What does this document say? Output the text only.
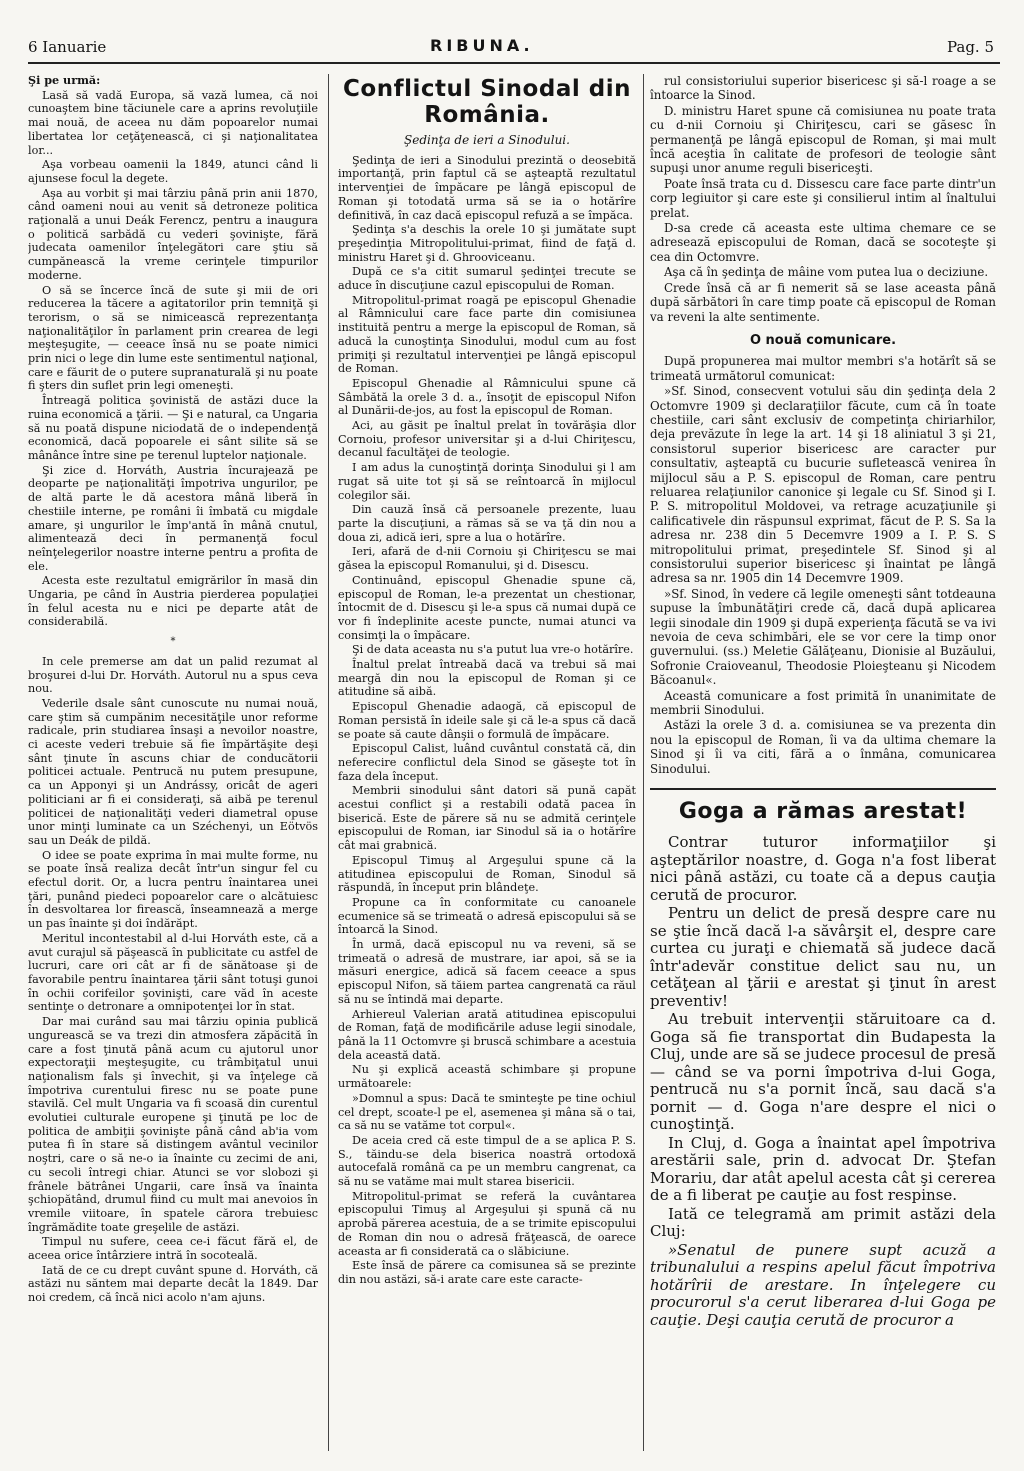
6 Ianuarie	RIBUNA.	Pag. 5

Şi pe urmă:

Lasă să vadă Europa, să vază lumea, că noi cunoaştem bine tăciunele care a aprins revoluţiile mai nouă, de aceea nu dăm popoarelor numai libertatea lor ceţăţenească, ci şi naţionalitatea lor...

Aşa vorbeau oamenii la 1849, atunci când li ajunsese focul la degete.

Aşa au vorbit şi mai târziu până prin anii 1870, când oameni noui au venit să detroneze politica raţională a unui Deák Ferencz, pentru a inaugura o politică sarbădă cu vederi şovinişte, fără judecata oamenilor înţelegători care ştiu să cumpănească la vreme cerinţele timpurilor moderne.

O să se încerce încă de sute şi mii de ori reducerea la tăcere a agitatorilor prin temniţă şi terorism, o să se nimicească reprezentanţa naţionalităţilor în parlament prin crearea de legi meşteşugite, — ceeace însă nu se poate nimici prin nici o lege din lume este sentimentul naţional, care e făurit de o putere supranaturală şi nu poate fi şters din suflet prin legi omeneşti.

Întreagă politica şovinistă de astăzi duce la ruina economică a ţării. — Şi e natural, ca Ungaria să nu poată dispune niciodată de o independenţă economică, dacă popoarele ei sânt silite să se mânânce între sine pe terenul luptelor naţionale.

Şi zice d. Horváth, Austria încurajează pe deoparte pe naţionalităţi împotriva ungurilor, pe de altă parte le dă acestora mână liberă în chestiile interne, pe români îi îmbată cu migdale amare, şi ungurilor le împ'antă în mână cnutul, alimentează deci în permanenţă focul neînţelegerilor noastre interne pentru a profita de ele.

Acesta este rezultatul emigrărilor în masă din Ungaria, pe când în Austria pierderea populaţiei în felul acesta nu e nici pe departe atât de considerabilă.

*

In cele premerse am dat un palid rezumat al broşurei d-lui Dr. Horváth. Autorul nu a spus ceva nou.

Vederile dsale sânt cunoscute nu numai nouă, care ştim să cumpănim necesităţile unor reforme radicale, prin studiarea însaşi a nevoilor noastre, ci aceste vederi trebuie să fie împărtăşite deşi sânt ţinute în ascuns chiar de conducătorii politicei actuale. Pentrucă nu putem presupune, ca un Apponyi şi un Andrássy, oricât de ageri politiciani ar fi ei consideraţi, să aibă pe terenul politicei de naţionalităţi vederi diametral opuse unor minţi luminate ca un Széchenyi, un Eötvös sau un Deák de pildă.

O idee se poate exprima în mai multe forme, nu se poate însă realiza decât într'un singur fel cu efectul dorit. Or, a lucra pentru înaintarea unei ţări, punând piedeci popoarelor care o alcătuiesc în desvoltarea lor firească, înseamnează a merge un pas înainte şi doi îndărăpt.

Meritul incontestabil al d-lui Horváth este, că a avut curajul să păşească în publicitate cu astfel de lucruri, care ori cât ar fi de sănătoase şi de favorabile pentru înaintarea ţării sânt totuşi gunoi în ochii corifeilor şovinişti, care văd în aceste sentinţe o detronare a omnipotenţei lor în stat.

Dar mai curând sau mai târziu opinia publică ungurească se va trezi din atmosfera zăpăcită în care a fost ţinută până acum cu ajutorul unor expectoraţii meşteşugite, cu trâmbiţatul unui naţionalism fals şi învechit, şi va înţelege că împotriva curentului firesc nu se poate pune stavilă. Cel mult Ungaria va fi scoasă din curentul evolutiei culturale europene şi ţinută pe loc de politica de ambiţii şovinişte până când ab'ia vom putea fi în stare să distingem avântul vecinilor noştri, care o să ne-o ia înainte cu zecimi de ani, cu secoli întregi chiar. Atunci se vor slobozi şi frânele bătrânei Ungarii, care însă va înainta şchiopătând, drumul fiind cu mult mai anevoios în vremile viitoare, în spatele cărora trebuiesc îngrămădite toate greşelile de astăzi.

Timpul nu sufere, ceea ce-i făcut fără el, de aceea orice întârziere intră în socoteală.

Iată de ce cu drept cuvânt spune d. Horváth, că astăzi nu săntem mai departe decât la 1849. Dar noi credem, că încă nici acolo n'am ajuns.

Conflictul Sinodal din România.
Şedinţa de ieri a Sinodului.

Şedinţa de ieri a Sinodului prezintă o deosebită importanţă, prin faptul că se aşteaptă rezultatul intervenţiei de împăcare pe lângă episcopul de Roman şi totodată urma să se ia o hotărîre definitivă, în caz dacă episcopul refuză a se împăca.

Şedinţa s'a deschis la orele 10 şi jumătate supt preşedinţia Mitropolitului-primat, fiind de faţă d. ministru Haret şi d. Ghrooviceanu.

După ce s'a citit sumarul şedinţei trecute se aduce în discuţiune cazul episcopului de Roman.

Mitropolitul-primat roagă pe episcopul Ghenadie al Râmnicului care face parte din comisiunea instituită pentru a merge la episcopul de Roman, să aducă la cunoştinţa Sinodului, modul cum au fost primiţi şi rezultatul intervenţiei pe lângă episcopul de Roman.

Episcopul Ghenadie al Râmnicului spune că Sâmbătă la orele 3 d. a., însoţit de episcopul Nifon al Dunării-de-jos, au fost la episcopul de Roman.

Aci, au găsit pe înaltul prelat în tovărăşia dlor Cornoiu, profesor universitar şi a d-lui Chiriţescu, decanul facultăţei de teologie.

I am adus la cunoştinţă dorinţa Sinodului şi l am rugat să uite tot şi să se reîntoarcă în mijlocul colegilor săi.

Din cauză însă că persoanele prezente, luau parte la discuţiuni, a rămas să se va ţă din nou a doua zi, adică ieri, spre a lua o hotărîre.

Ieri, afară de d-nii Cornoiu şi Chiriţescu se mai găsea la episcopul Romanului, şi d. Disescu.

Continuând, episcopul Ghenadie spune că, episcopul de Roman, le-a prezentat un chestionar, întocmit de d. Disescu şi le-a spus că numai după ce vor fi îndeplinite aceste puncte, numai atunci va consimţi la o împăcare.

Şi de data aceasta nu s'a putut lua vre-o hotărîre.

Înaltul prelat întreabă dacă va trebui să mai meargă din nou la episcopul de Roman şi ce atitudine să aibă.

Episcopul Ghenadie adaogă, că episcopul de Roman persistă în ideile sale şi că le-a spus că dacă se poate să caute dânşii o formulă de împăcare.

Episcopul Calist, luând cuvântul constată că, din neferecire conflictul dela Sinod se găseşte tot în faza dela început.

Membrii sinodului sânt datori să pună capăt acestui conflict şi a restabili odată pacea în biserică. Este de părere să nu se admită cerinţele episcopului de Roman, iar Sinodul să ia o hotărîre cât mai grabnică.

Episcopul Timuş al Argeşului spune că la atitudinea episcopului de Roman, Sinodul să răspundă, în început prin blândeţe.

Propune ca în conformitate cu canoanele ecumenice să se trimeată o adresă episcopului să se întoarcă la Sinod.

În urmă, dacă episcopul nu va reveni, să se trimeată o adresă de mustrare, iar apoi, să se ia măsuri energice, adică să facem ceeace a spus episcopul Nifon, să tăiem partea cangrenată ca răul să nu se întindă mai departe.

Arhiereul Valerian arată atitudinea episcopului de Roman, faţă de modificările aduse legii sinodale, până la 11 Octomvre şi bruscă schimbare a acestuia dela această dată.

Nu şi explică această schimbare şi propune următoarele:

»Domnul a spus: Dacă te sminteşte pe tine ochiul cel drept, scoate-l pe el, asemenea şi mâna să o tai, ca să nu se vatăme tot corpul«.

De aceia cred că este timpul de a se aplica P. S. S., tăindu-se dela biserica noastră ortodoxă autocefală română ca pe un membru cangrenat, ca să nu se vatăme mai mult starea bisericii.

Mitropolitul-primat se referă la cuvântarea episcopului Timuş al Argeşului şi spună că nu aprobă părerea acestuia, de a se trimite episcopului de Roman din nou o adresă frăţească, de oarece aceasta ar fi considerată ca o slăbiciune.

Este însă de părere ca comisunea să se prezinte din nou astăzi, să-i arate care este caracte-

rul consistoriului superior bisericesc şi să-l roage a se întoarce la Sinod.

D. ministru Haret spune că comisiunea nu poate trata cu d-nii Cornoiu şi Chiriţescu, cari se găsesc în permanenţă pe lângă episcopul de Roman, şi mai mult încă aceştia în calitate de profesori de teologie sânt supuşi unor anume reguli bisericeşti.

Poate însă trata cu d. Dissescu care face parte dintr'un corp legiuitor şi care este şi consilierul intim al înaltului prelat.

D-sa crede că aceasta este ultima chemare ce se adresează episcopului de Roman, dacă se socoteşte şi cea din Octomvre.

Aşa că în şedinţa de mâine vom putea lua o deciziune.

Crede însă că ar fi nemerit să se lase aceasta până după sărbători în care timp poate că episcopul de Roman va reveni la alte sentimente.

O nouă comunicare.

După propunerea mai multor membri s'a hotărît să se trimeată următorul comunicat:

»Sf. Sinod, consecvent votului său din şedinţa dela 2 Octomvre 1909 şi declaraţiilor făcute, cum că în toate chestiile, cari sânt exclusiv de competinţa chiriarhilor, deja prevăzute în lege la art. 14 şi 18 aliniatul 3 şi 21, consistorul superior bisericesc are caracter pur consultativ, aşteaptă cu bucurie sufletească venirea în mijlocul său a P. S. episcopul de Roman, care pentru reluarea relaţiunilor canonice şi legale cu Sf. Sinod şi I. P. S. mitropolitul Moldovei, va retrage acuzaţiunile şi calificativele din răspunsul exprimat, făcut de P. S. Sa la adresa nr. 238 din 5 Decemvre 1909 a I. P. S. S mitropolitului primat, preşedintele Sf. Sinod şi al consistorului superior bisericesc şi înaintat pe lângă adresa sa nr. 1905 din 14 Decemvre 1909.

»Sf. Sinod, în vedere că legile omeneşti sânt totdeauna supuse la îmbunătăţiri crede că, dacă după aplicarea legii sinodale din 1909 şi după experienţa făcută se va ivi nevoia de ceva schimbări, ele se vor cere la timp onor guvernului. (ss.) Meletie Gălăţeanu, Dionisie al Buzăului, Sofronie Craioveanul, Theodosie Ploieşteanu şi Nicodem Băcoanul«.

Această comunicare a fost primită în unanimitate de membrii Sinodului.

Astăzi la orele 3 d. a. comisiunea se va prezenta din nou la episcopul de Roman, îi va da ultima chemare la Sinod şi îi va citi, fără a o înmâna, comunicarea Sinodului.

Goga a rămas arestat!

Contrar tuturor informaţiilor şi aşteptărilor noastre, d. Goga n'a fost liberat nici până astăzi, cu toate că a depus cauţia cerută de procuror.

Pentru un delict de presă despre care nu se ştie încă dacă l-a săvârşit el, despre care curtea cu juraţi e chiemată să judece dacă într'adevăr constitue delict sau nu, un cetăţean al ţării e arestat şi ţinut în arest preventiv!

Au trebuit intervenţii stăruitoare ca d. Goga să fie transportat din Budapesta la Cluj, unde are să se judece procesul de presă — când se va porni împotriva d-lui Goga, pentrucă nu s'a pornit încă, sau dacă s'a pornit — d. Goga n'are despre el nici o cunoştinţă.

In Cluj, d. Goga a înaintat apel împotriva arestării sale, prin d. advocat Dr. Ştefan Morariu, dar atât apelul acesta cât şi cererea de a fi liberat pe cauţie au fost respinse.

Iată ce telegramă am primit astăzi dela Cluj:

»Senatul de punere supt acuză a tribunalului a respins apelul făcut împotriva hotărîrii de arestare. In înţelegere cu procurorul s'a cerut liberarea d-lui Goga pe cauţie. Deşi cauţia cerută de procuror a
